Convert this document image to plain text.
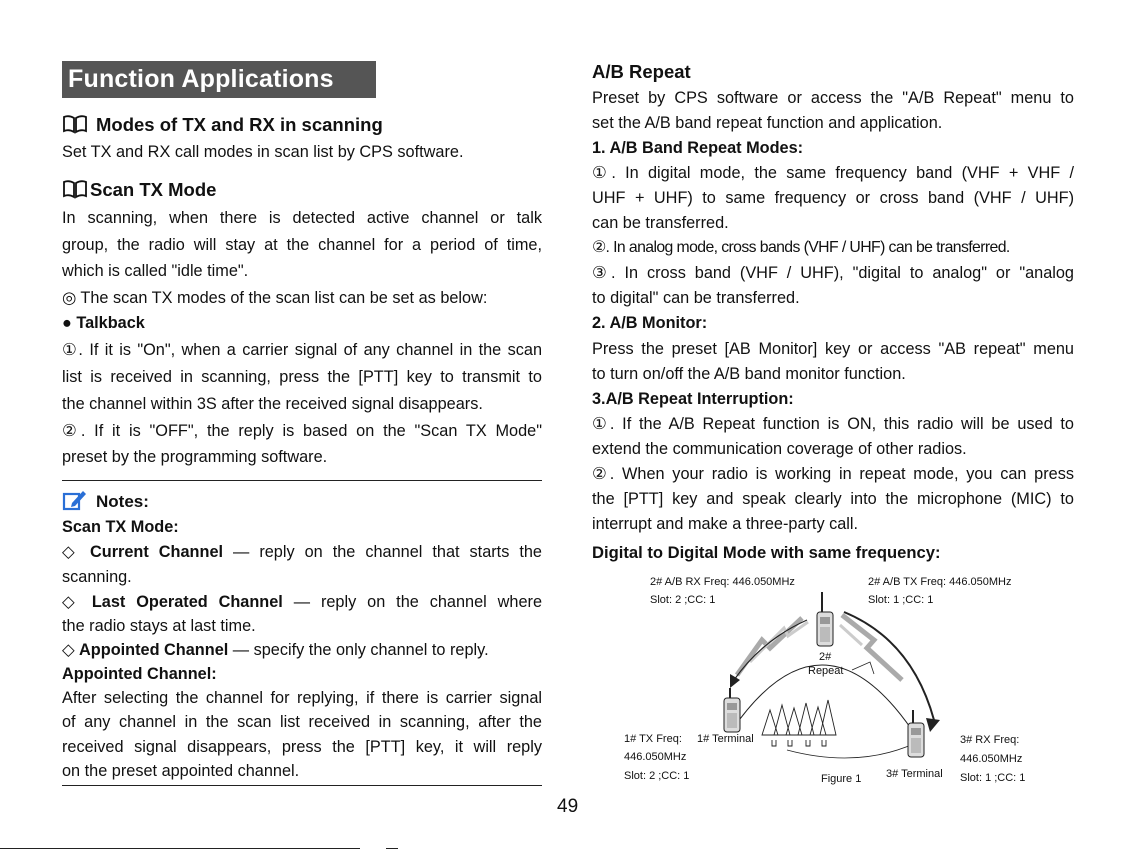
Function Applications
Modes of TX and RX in scanning
Set TX and RX call modes in scan list by CPS software.
Scan TX Mode
In scanning, when there is detected active channel or talk
group, the radio will stay at the channel for a period of time,
which is called "idle time".
◎ The scan TX modes of the scan list can be set as below:
● Talkback
①. If it is "On", when a carrier signal of any channel in the scan
list is received in scanning, press the [PTT] key to transmit to
the channel within 3S after the received signal disappears.
②. If it is "OFF", the reply is based on the "Scan TX Mode"
preset by the programming software.
Notes:
Scan TX Mode:
◇ Current Channel — reply on the channel that starts the
scanning.
◇ Last Operated Channel — reply on the channel where
the radio stays at last time.
◇ Appointed Channel — specify the only channel to reply.
Appointed Channel:
After selecting the channel for replying, if there is carrier signal
of any channel in the scan list received in scanning, after the
received signal disappears, press the [PTT] key, it will reply
on the preset appointed channel.
A/B Repeat
Preset by CPS software or access the "A/B Repeat" menu to
set the A/B band repeat function and application.
1. A/B Band Repeat Modes:
①. In digital mode, the same frequency band (VHF + VHF /
UHF + UHF) to same frequency or cross band (VHF / UHF)
can be transferred.
②. In analog mode, cross bands (VHF / UHF) can be transferred.
③. In cross band (VHF / UHF), "digital to analog" or "analog
to digital" can be transferred.
2. A/B Monitor:
Press the preset [AB Monitor] key or access "AB repeat" menu
to turn on/off the A/B band monitor function.
3.A/B Repeat Interruption:
①. If the A/B Repeat function is ON, this radio will be used to
extend the communication coverage of other radios.
②. When your radio is working in repeat mode, you can press
the [PTT] key and speak clearly into the microphone (MIC) to
interrupt and make a three-party call.
Digital to Digital Mode with same frequency:
2# A/B RX Freq: 446.050MHz
Slot: 2 ;CC: 1
2# A/B TX Freq: 446.050MHz
Slot: 1 ;CC: 1
2#
Repeat
1# Terminal
1# TX Freq:
446.050MHz
Slot: 2 ;CC: 1	3# Terminal
3# RX Freq:
446.050MHz
Slot: 1 ;CC: 1
Figure 1
49
